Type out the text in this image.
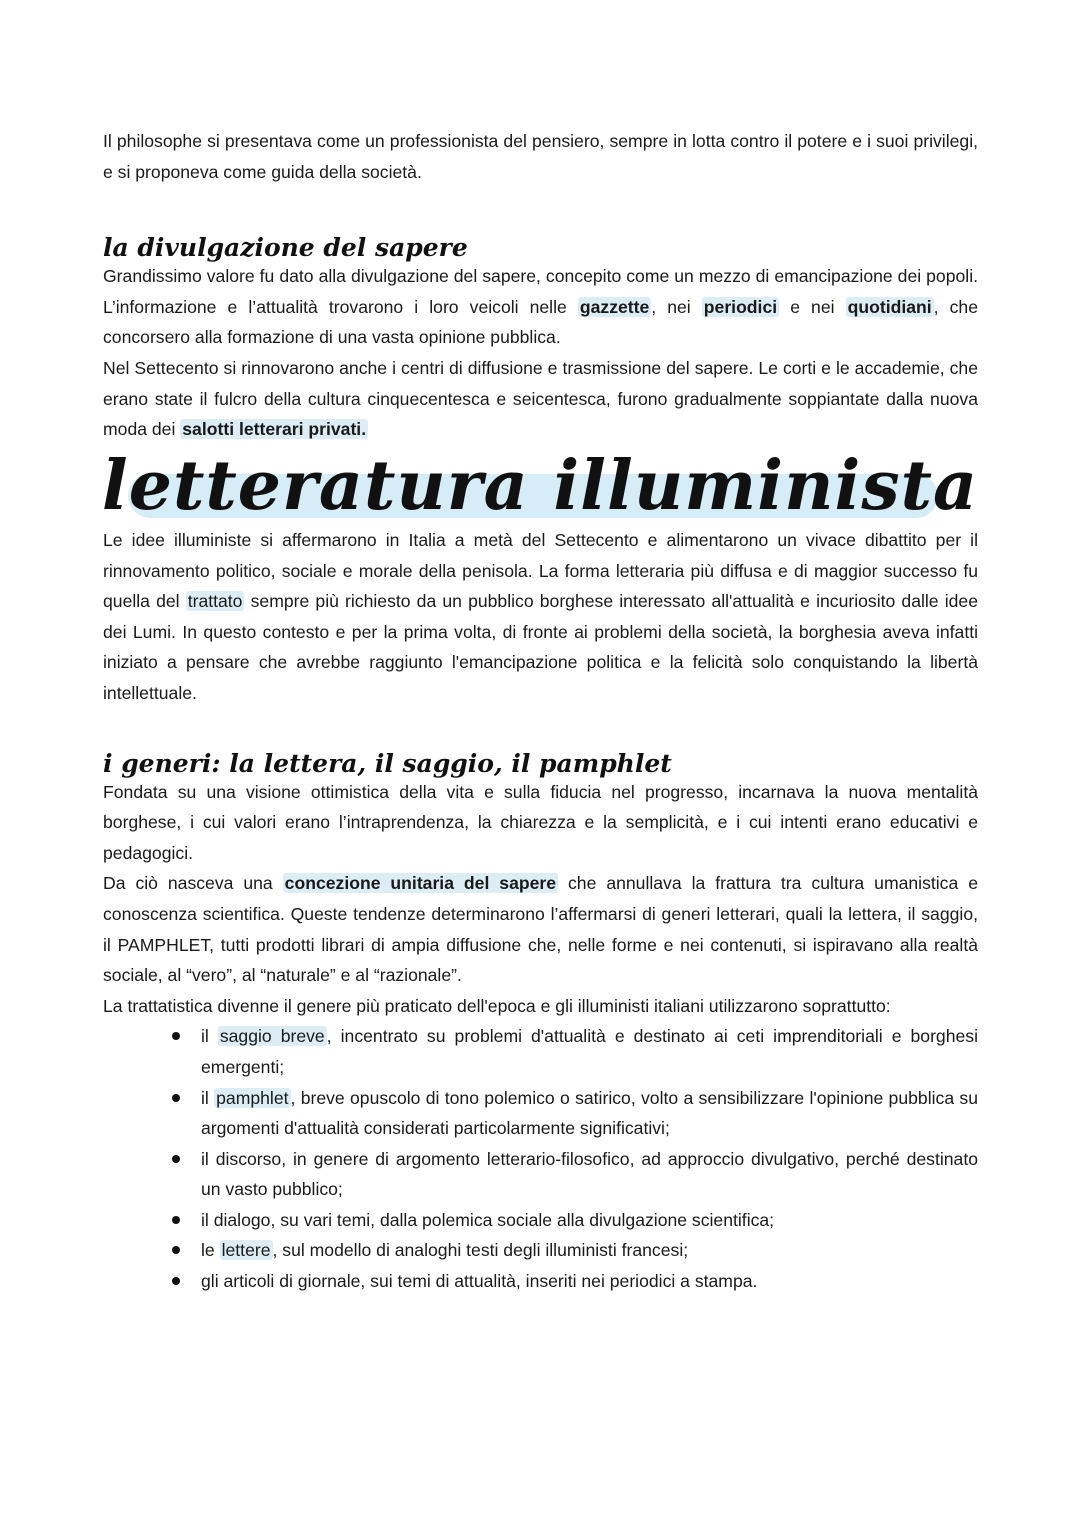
Il philosophe si presentava come un professionista del pensiero, sempre in lotta contro il potere e i suoi privilegi, e si proponeva come guida della società.

la divulgazione del sapere

Grandissimo valore fu dato alla divulgazione del sapere, concepito come un mezzo di emancipazione dei popoli. L’informazione e l’attualità trovarono i loro veicoli nelle gazzette , nei periodici e nei quotidiani , che concorsero alla formazione di una vasta opinione pubblica.

Nel Settecento si rinnovarono anche i centri di diffusione e trasmissione del sapere. Le corti e le accademie, che erano state il fulcro della cultura cinquecentesca e seicentesca, furono gradualmente soppiantate dalla nuova moda dei salotti letterari privati.

letteratura illuminista

Le idee illuministe si affermarono in Italia a metà del Settecento e alimentarono un vivace dibattito per il rinnovamento politico, sociale e morale della penisola. La forma letteraria più diffusa e di maggior successo fu quella del trattato sempre più richiesto da un pubblico borghese interessato all'attualità e incuriosito dalle idee dei Lumi. In questo contesto e per la prima volta, di fronte ai problemi della società, la borghesia aveva infatti iniziato a pensare che avrebbe raggiunto l'emancipazione politica e la felicità solo conquistando la libertà intellettuale.

i generi: la lettera, il saggio, il pamphlet

Fondata su una visione ottimistica della vita e sulla fiducia nel progresso, incarnava la nuova mentalità borghese, i cui valori erano l’intraprendenza, la chiarezza e la semplicità, e i cui intenti erano educativi e pedagogici.

Da ciò nasceva una concezione unitaria del sapere che annullava la frattura tra cultura umanistica e conoscenza scientifica. Queste tendenze determinarono l’affermarsi di generi letterari, quali la lettera, il saggio, il PAMPHLET, tutti prodotti librari di ampia diffusione che, nelle forme e nei contenuti, si ispiravano alla realtà sociale, al “vero”, al “naturale” e al “razionale”.

La trattatistica divenne il genere più praticato dell'epoca e gli illuministi italiani utilizzarono soprattutto:

il saggio breve , incentrato su problemi d'attualità e destinato ai ceti imprenditoriali e borghesi emergenti;
il pamphlet , breve opuscolo di tono polemico o satirico, volto a sensibilizzare l'opinione pubblica su argomenti d'attualità considerati particolarmente significativi;
il discorso, in genere di argomento letterario-filosofico, ad approccio divulgativo, perché destinato un vasto pubblico;
il dialogo, su vari temi, dalla polemica sociale alla divulgazione scientifica;
le lettere , sul modello di analoghi testi degli illuministi francesi;
gli articoli di giornale, sui temi di attualità, inseriti nei periodici a stampa.
